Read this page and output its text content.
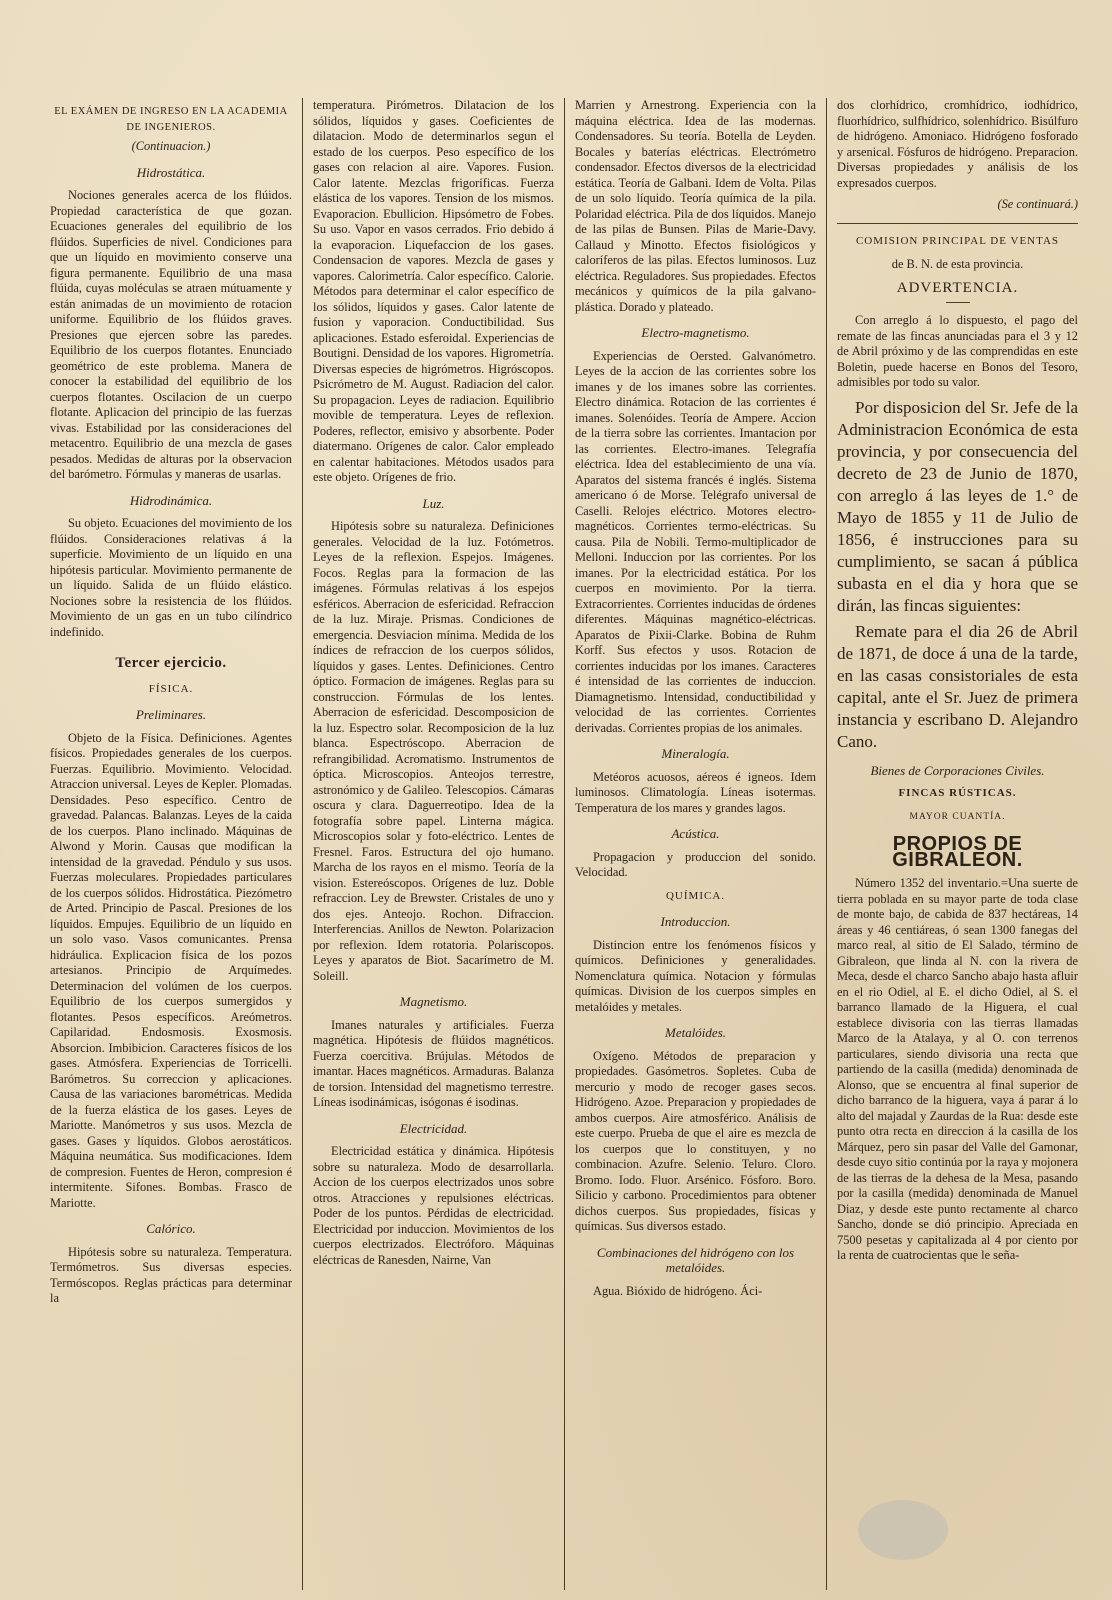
EL EXÁMEN DE INGRESO EN LA ACADEMIA DE INGENIEROS.
(Continuacion.)
Hidrostática.

Nociones generales acerca de los flúidos. Propiedad característica de que gozan. Ecuaciones generales del equilibrio de los flúidos. Superficies de nivel. Condiciones para que un líquido en movimiento conserve una figura permanente. Equilibrio de una masa flúida, cuyas moléculas se atraen mútuamente y están animadas de un movimiento de rotacion uniforme. Equilibrio de los flúidos graves. Presiones que ejercen sobre las paredes. Equilibrio de los cuerpos flotantes. Enunciado geométrico de este problema. Manera de conocer la estabilidad del equilibrio de los cuerpos flotantes. Oscilacion de un cuerpo flotante. Aplicacion del principio de las fuerzas vivas. Estabilidad por las consideraciones del metacentro. Equilibrio de una mezcla de gases pesados. Medidas de alturas por la observacion del barómetro. Fórmulas y maneras de usarlas.

Hidrodinámica.

Su objeto. Ecuaciones del movimiento de los flúidos. Consideraciones relativas á la superficie. Movimiento de un líquido en una hipótesis particular. Movimiento permanente de un líquido. Salida de un flúido elástico. Nociones sobre la resistencia de los flúidos. Movimiento de un gas en un tubo cilíndrico indefinido.

Tercer ejercicio.
FÍSICA.
Preliminares.

Objeto de la Física. Definiciones. Agentes físicos. Propiedades generales de los cuerpos. Fuerzas. Equilibrio. Movimiento. Velocidad. Atraccion universal. Leyes de Kepler. Plomadas. Densidades. Peso específico. Centro de gravedad. Palancas. Balanzas. Leyes de la caida de los cuerpos. Plano inclinado. Máquinas de Alwond y Morin. Causas que modifican la intensidad de la gravedad. Péndulo y sus usos. Fuerzas moleculares. Propiedades particulares de los cuerpos sólidos. Hidrostática. Piezómetro de Arted. Principio de Pascal. Presiones de los líquidos. Empujes. Equilibrio de un líquido en un solo vaso. Vasos comunicantes. Prensa hidráulica. Explicacion física de los pozos artesianos. Principio de Arquímedes. Determinacion del volúmen de los cuerpos. Equilibrio de los cuerpos sumergidos y flotantes. Pesos específicos. Areómetros. Capilaridad. Endosmosis. Exosmosis. Absorcion. Imbibicion. Caracteres físicos de los gases. Atmósfera. Experiencias de Torricelli. Barómetros. Su correccion y aplicaciones. Causa de las variaciones barométricas. Medida de la fuerza elástica de los gases. Leyes de Mariotte. Manómetros y sus usos. Mezcla de gases. Gases y líquidos. Globos aerostáticos. Máquina neumática. Sus modificaciones. Idem de compresion. Fuentes de Heron, compresion é intermitente. Sifones. Bombas. Frasco de Mariotte.

Calórico.

Hipótesis sobre su naturaleza. Temperatura. Termómetros. Sus diversas especies. Termóscopos. Reglas prácticas para determinar la

temperatura. Pirómetros. Dilatacion de los sólidos, líquidos y gases. Coeficientes de dilatacion. Modo de determinarlos segun el estado de los cuerpos. Peso específico de los gases con relacion al aire. Vapores. Fusion. Calor latente. Mezclas frigoríficas. Fuerza elástica de los vapores. Tension de los mismos. Evaporacion. Ebullicion. Hipsómetro de Fobes. Su uso. Vapor en vasos cerrados. Frio debido á la evaporacion. Liquefaccion de los gases. Condensacion de vapores. Mezcla de gases y vapores. Calorimetría. Calor específico. Calorie. Métodos para determinar el calor específico de los sólidos, líquidos y gases. Calor latente de fusion y vaporacion. Conductibilidad. Sus aplicaciones. Estado esferoidal. Experiencias de Boutigni. Densidad de los vapores. Higrometría. Diversas especies de higrómetros. Higróscopos. Psicrómetro de M. August. Radiacion del calor. Su propagacion. Leyes de radiacion. Equilibrio movible de temperatura. Leyes de reflexion. Poderes, reflector, emisivo y absorbente. Poder diatermano. Orígenes de calor. Calor empleado en calentar habitaciones. Métodos usados para este objeto. Orígenes de frio.

Luz.

Hipótesis sobre su naturaleza. Definiciones generales. Velocidad de la luz. Fotómetros. Leyes de la reflexion. Espejos. Imágenes. Focos. Reglas para la formacion de las imágenes. Fórmulas relativas á los espejos esféricos. Aberracion de esfericidad. Refraccion de la luz. Miraje. Prismas. Condiciones de emergencia. Desviacion mínima. Medida de los índices de refraccion de los cuerpos sólidos, líquidos y gases. Lentes. Definiciones. Centro óptico. Formacion de imágenes. Reglas para su construccion. Fórmulas de los lentes. Aberracion de esfericidad. Descomposicion de la luz. Espectro solar. Recomposicion de la luz blanca. Espectróscopo. Aberracion de refrangibilidad. Acromatismo. Instrumentos de óptica. Microscopios. Anteojos terrestre, astronómico y de Galileo. Telescopios. Cámaras oscura y clara. Daguerreotipo. Idea de la fotografía sobre papel. Linterna mágica. Microscopios solar y foto-eléctrico. Lentes de Fresnel. Faros. Estructura del ojo humano. Marcha de los rayos en el mismo. Teoría de la vision. Estereóscopos. Orígenes de luz. Doble refraccion. Ley de Brewster. Cristales de uno y dos ejes. Anteojo. Rochon. Difraccion. Interferencias. Anillos de Newton. Polarizacion por reflexion. Idem rotatoria. Polariscopos. Leyes y aparatos de Biot. Sacarímetro de M. Soleill.

Magnetismo.

Imanes naturales y artificiales. Fuerza magnética. Hipótesis de flúidos magnéticos. Fuerza coercitiva. Brújulas. Métodos de imantar. Haces magnéticos. Armaduras. Balanza de torsion. Intensidad del magnetismo terrestre. Líneas isodinámicas, isógonas é isodinas.

Electricidad.

Electricidad estática y dinámica. Hipótesis sobre su naturaleza. Modo de desarrollarla. Accion de los cuerpos electrizados unos sobre otros. Atracciones y repulsiones eléctricas. Poder de los puntos. Pérdidas de electricidad. Electricidad por induccion. Movimientos de los cuerpos electrizados. Electróforo. Máquinas eléctricas de Ranesden, Nairne, Van

Marrien y Arnestrong. Experiencia con la máquina eléctrica. Idea de las modernas. Condensadores. Su teoría. Botella de Leyden. Bocales y baterías eléctricas. Electrómetro condensador. Efectos diversos de la electricidad estática. Teoría de Galbani. Idem de Volta. Pilas de un solo líquido. Teoría química de la pila. Polaridad eléctrica. Pila de dos líquidos. Manejo de las pilas de Bunsen. Pilas de Marie-Davy. Callaud y Minotto. Efectos fisiológicos y caloríferos de las pilas. Efectos luminosos. Luz eléctrica. Reguladores. Sus propiedades. Efectos mecánicos y químicos de la pila galvano-plástica. Dorado y plateado.

Electro-magnetismo.

Experiencias de Oersted. Galvanómetro. Leyes de la accion de las corrientes sobre los imanes y de los imanes sobre las corrientes. Electro dinámica. Rotacion de las corrientes é imanes. Solenóides. Teoría de Ampere. Accion de la tierra sobre las corrientes. Imantacion por las corrientes. Electro-imanes. Telegrafía eléctrica. Idea del establecimiento de una vía. Aparatos del sistema francés é inglés. Sistema americano ó de Morse. Telégrafo universal de Caselli. Relojes eléctrico. Motores electro-magnéticos. Corrientes termo-eléctricas. Su causa. Pila de Nobili. Termo-multiplicador de Melloni. Induccion por las corrientes. Por los imanes. Por la electricidad estática. Por los cuerpos en movimiento. Por la tierra. Extracorrientes. Corrientes inducidas de órdenes diferentes. Máquinas magnético-eléctricas. Aparatos de Pixii-Clarke. Bobina de Ruhm Korff. Sus efectos y usos. Rotacion de corrientes inducidas por los imanes. Caracteres é intensidad de las corrientes de induccion. Diamagnetismo. Intensidad, conductibilidad y velocidad de las corrientes. Corrientes derivadas. Corrientes propias de los animales.

Mineralogía.

Metéoros acuosos, aéreos é igneos. Idem luminosos. Climatología. Líneas isotermas. Temperatura de los mares y grandes lagos.

Acústica.

Propagacion y produccion del sonido. Velocidad.

QUÍMICA.
Introduccion.

Distincion entre los fenómenos físicos y químicos. Definiciones y generalidades. Nomenclatura química. Notacion y fórmulas químicas. Division de los cuerpos simples en metalóides y metales.

Metalóides.

Oxígeno. Métodos de preparacion y propiedades. Gasómetros. Sopletes. Cuba de mercurio y modo de recoger gases secos. Hidrógeno. Azoe. Preparacion y propiedades de ambos cuerpos. Aire atmosférico. Análisis de este cuerpo. Prueba de que el aire es mezcla de los cuerpos que lo constituyen, y no combinacion. Azufre. Selenio. Teluro. Cloro. Bromo. Iodo. Fluor. Arsénico. Fósforo. Boro. Silicio y carbono. Procedimientos para obtener dichos cuerpos. Sus propiedades, físicas y químicas. Sus diversos estado.

Combinaciones del hidrógeno con los metalóides.

Agua. Bióxido de hidrógeno. Áci-

dos clorhídrico, cromhídrico, iodhídrico, fluorhídrico, sulfhídrico, solenhídrico. Bisúlfuro de hidrógeno. Amoniaco. Hidrógeno fosforado y arsenical. Fósfuros de hidrógeno. Preparacion. Diversas propiedades y análisis de los expresados cuerpos.

(Se continuará.)
COMISION PRINCIPAL DE VENTAS
de B. N. de esta provincia.
ADVERTENCIA.

Con arreglo á lo dispuesto, el pago del remate de las fincas anunciadas para el 3 y 12 de Abril próximo y de las comprendidas en este Boletin, puede hacerse en Bonos del Tesoro, admisibles por todo su valor.

Por disposicion del Sr. Jefe de la Administracion Económica de esta provincia, y por consecuencia del decreto de 23 de Junio de 1870, con arreglo á las leyes de 1.° de Mayo de 1855 y 11 de Julio de 1856, é instrucciones para su cumplimiento, se sacan á pública subasta en el dia y hora que se dirán, las fincas siguientes:

Remate para el dia 26 de Abril de 1871, de doce á una de la tarde, en las casas consistoriales de esta capital, ante el Sr. Juez de primera instancia y escribano D. Alejandro Cano.

Bienes de Corporaciones Civiles.
FINCAS RÚSTICAS.
MAYOR CUANTÍA.
PROPIOS DE GIBRALEON.

Número 1352 del inventario.=Una suerte de tierra poblada en su mayor parte de toda clase de monte bajo, de cabida de 837 hectáreas, 14 áreas y 46 centiáreas, ó sean 1300 fanegas del marco real, al sitio de El Salado, término de Gibraleon, que linda al N. con la rivera de Meca, desde el charco Sancho abajo hasta afluir en el rio Odiel, al E. el dicho Odiel, al S. el barranco llamado de la Higuera, el cual establece divisoria con las tierras llamadas Marco de la Atalaya, y al O. con terrenos particulares, siendo divisoria una recta que partiendo de la casilla (medida) denominada de Alonso, que se encuentra al final superior de dicho barranco de la higuera, vaya á parar á lo alto del majadal y Zaurdas de la Rua: desde este punto otra recta en direccion á la casilla de los Márquez, pero sin pasar del Valle del Gamonar, desde cuyo sitio continúa por la raya y mojonera de las tierras de la dehesa de la Mesa, pasando por la casilla (medida) denominada de Manuel Diaz, y desde este punto rectamente al charco Sancho, donde se dió principio. Apreciada en 7500 pesetas y capitalizada al 4 por ciento por la renta de cuatrocientas que le seña-
